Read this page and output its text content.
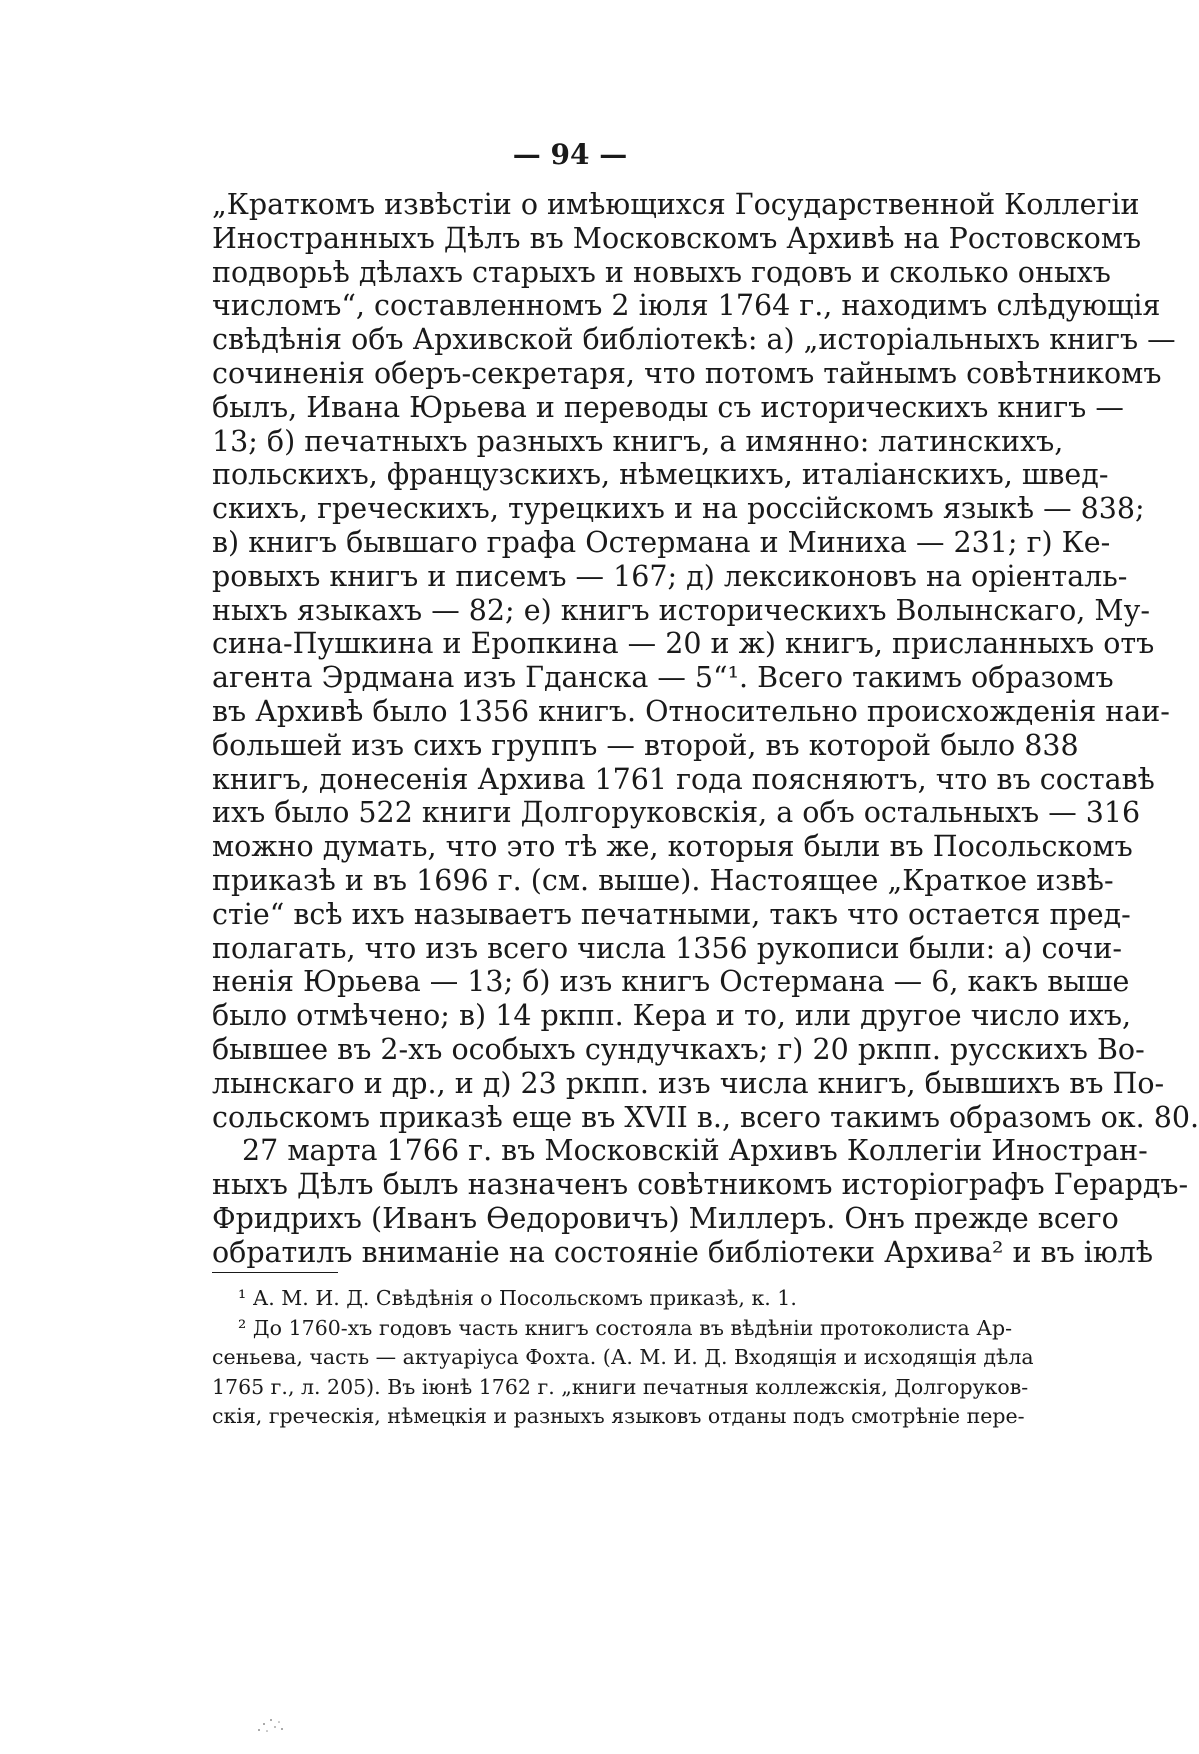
— 94 —
„Краткомъ извѣстіи о имѣющихся Государственной Коллегіи
Иностранныхъ Дѣлъ въ Московскомъ Архивѣ на Ростовскомъ
подворьѣ дѣлахъ старыхъ и новыхъ годовъ и сколько оныхъ
числомъ“, составленномъ 2 іюля 1764 г., находимъ слѣдующія
свѣдѣнія объ Архивской библіотекѣ: а) „исторіальныхъ книгъ —
сочиненія оберъ-секретаря, что потомъ тайнымъ совѣтникомъ
былъ, Ивана Юрьева и переводы съ историческихъ книгъ —
13; б) печатныхъ разныхъ книгъ, а имянно: латинскихъ,
польскихъ, французскихъ, нѣмецкихъ, италіанскихъ, швед-
скихъ, греческихъ, турецкихъ и на россійскомъ языкѣ — 838;
в) книгъ бывшаго графа Остермана и Миниха — 231; г) Ке-
ровыхъ книгъ и писемъ — 167; д) лексиконовъ на оріенталь-
ныхъ языкахъ — 82; е) книгъ историческихъ Волынскаго, Му-
сина-Пушкина и Еропкина — 20 и ж) книгъ, присланныхъ отъ
агента Эрдмана изъ Гданска — 5“¹. Всего такимъ образомъ
въ Архивѣ было 1356 книгъ. Относительно происхожденія наи-
большей изъ сихъ группъ — второй, въ которой было 838
книгъ, донесенія Архива 1761 года поясняютъ, что въ составѣ
ихъ было 522 книги Долгоруковскія, а объ остальныхъ — 316
можно думать, что это тѣ же, которыя были въ Посольскомъ
приказѣ и въ 1696 г. (см. выше). Настоящее „Краткое извѣ-
стіе“ всѣ ихъ называетъ печатными, такъ что остается пред-
полагать, что изъ всего числа 1356 рукописи были: а) сочи-
ненія Юрьева — 13; б) изъ книгъ Остермана — 6, какъ выше
было отмѣчено; в) 14 ркпп. Кера и то, или другое число ихъ,
бывшее въ 2-хъ особыхъ сундучкахъ; г) 20 ркпп. русскихъ Во-
лынскаго и др., и д) 23 ркпп. изъ числа книгъ, бывшихъ въ По-
сольскомъ приказѣ еще въ XVII в., всего такимъ образомъ ок. 80.
27 марта 1766 г. въ Московскій Архивъ Коллегіи Иностран-
ныхъ Дѣлъ былъ назначенъ совѣтникомъ исторіографъ Герардъ-
Фридрихъ (Иванъ Ѳедоровичъ) Миллеръ. Онъ прежде всего
обратилъ вниманіе на состояніе библіотеки Архива² и въ іюлѣ
¹ А. М. И. Д. Свѣдѣнія о Посольскомъ приказѣ, к. 1.
² До 1760-хъ годовъ часть книгъ состояла въ вѣдѣніи протоколиста Ар-
сеньева, часть — актуаріуса Фохта. (А. М. И. Д. Входящія и исходящія дѣла
1765 г., л. 205). Въ іюнѣ 1762 г. „книги печатныя коллежскія, Долгоруков-
скія, греческія, нѣмецкія и разныхъ языковъ отданы подъ смотрѣніе пере-
